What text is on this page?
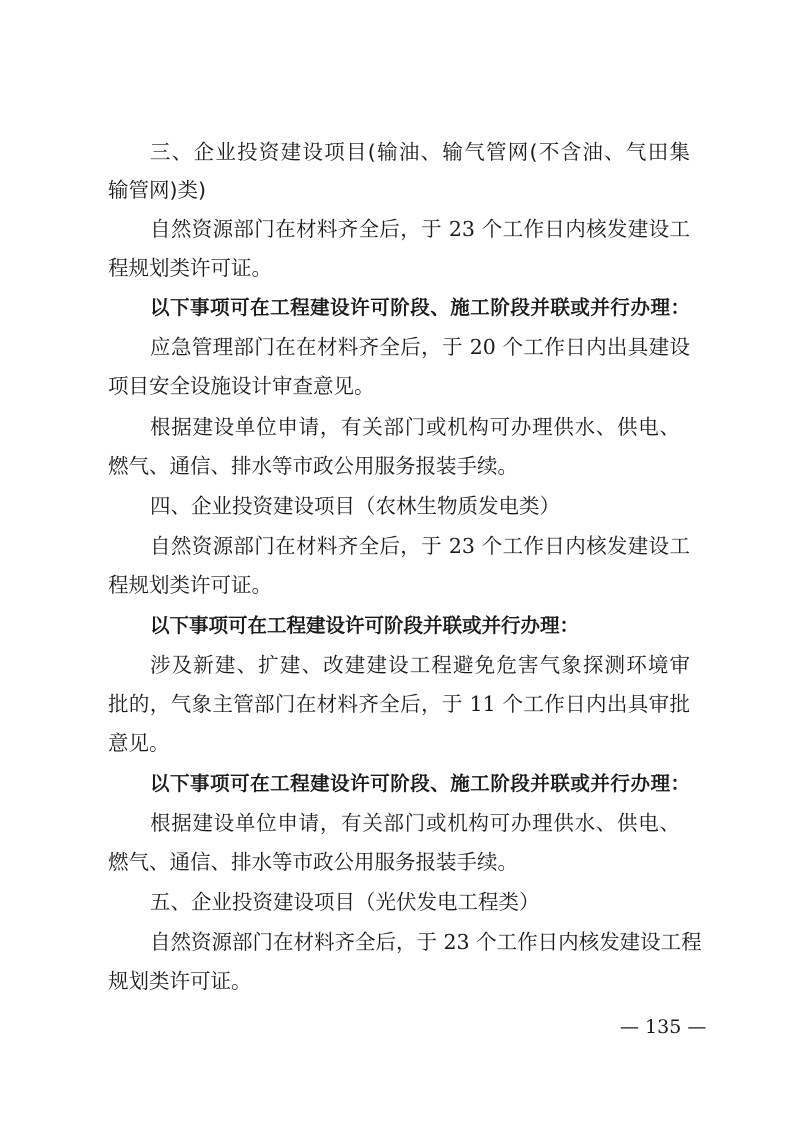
三、企业投资建设项目(输油、输气管网(不含油、气田集
输管网)类)
自然资源部门在材料齐全后，于 23 个工作日内核发建设工
程规划类许可证。
以下事项可在工程建设许可阶段、施工阶段并联或并行办理：
应急管理部门在在材料齐全后，于 20 个工作日内出具建设
项目安全设施设计审查意见。
根据建设单位申请，有关部门或机构可办理供水、供电、
燃气、通信、排水等市政公用服务报装手续。
四、企业投资建设项目（农林生物质发电类）
自然资源部门在材料齐全后，于 23 个工作日内核发建设工
程规划类许可证。
以下事项可在工程建设许可阶段并联或并行办理：
涉及新建、扩建、改建建设工程避免危害气象探测环境审
批的，气象主管部门在材料齐全后，于 11 个工作日内出具审批
意见。
以下事项可在工程建设许可阶段、施工阶段并联或并行办理：
根据建设单位申请，有关部门或机构可办理供水、供电、
燃气、通信、排水等市政公用服务报装手续。
五、企业投资建设项目（光伏发电工程类）
自然资源部门在材料齐全后，于 23 个工作日内核发建设工程
规划类许可证。
— 135 —
